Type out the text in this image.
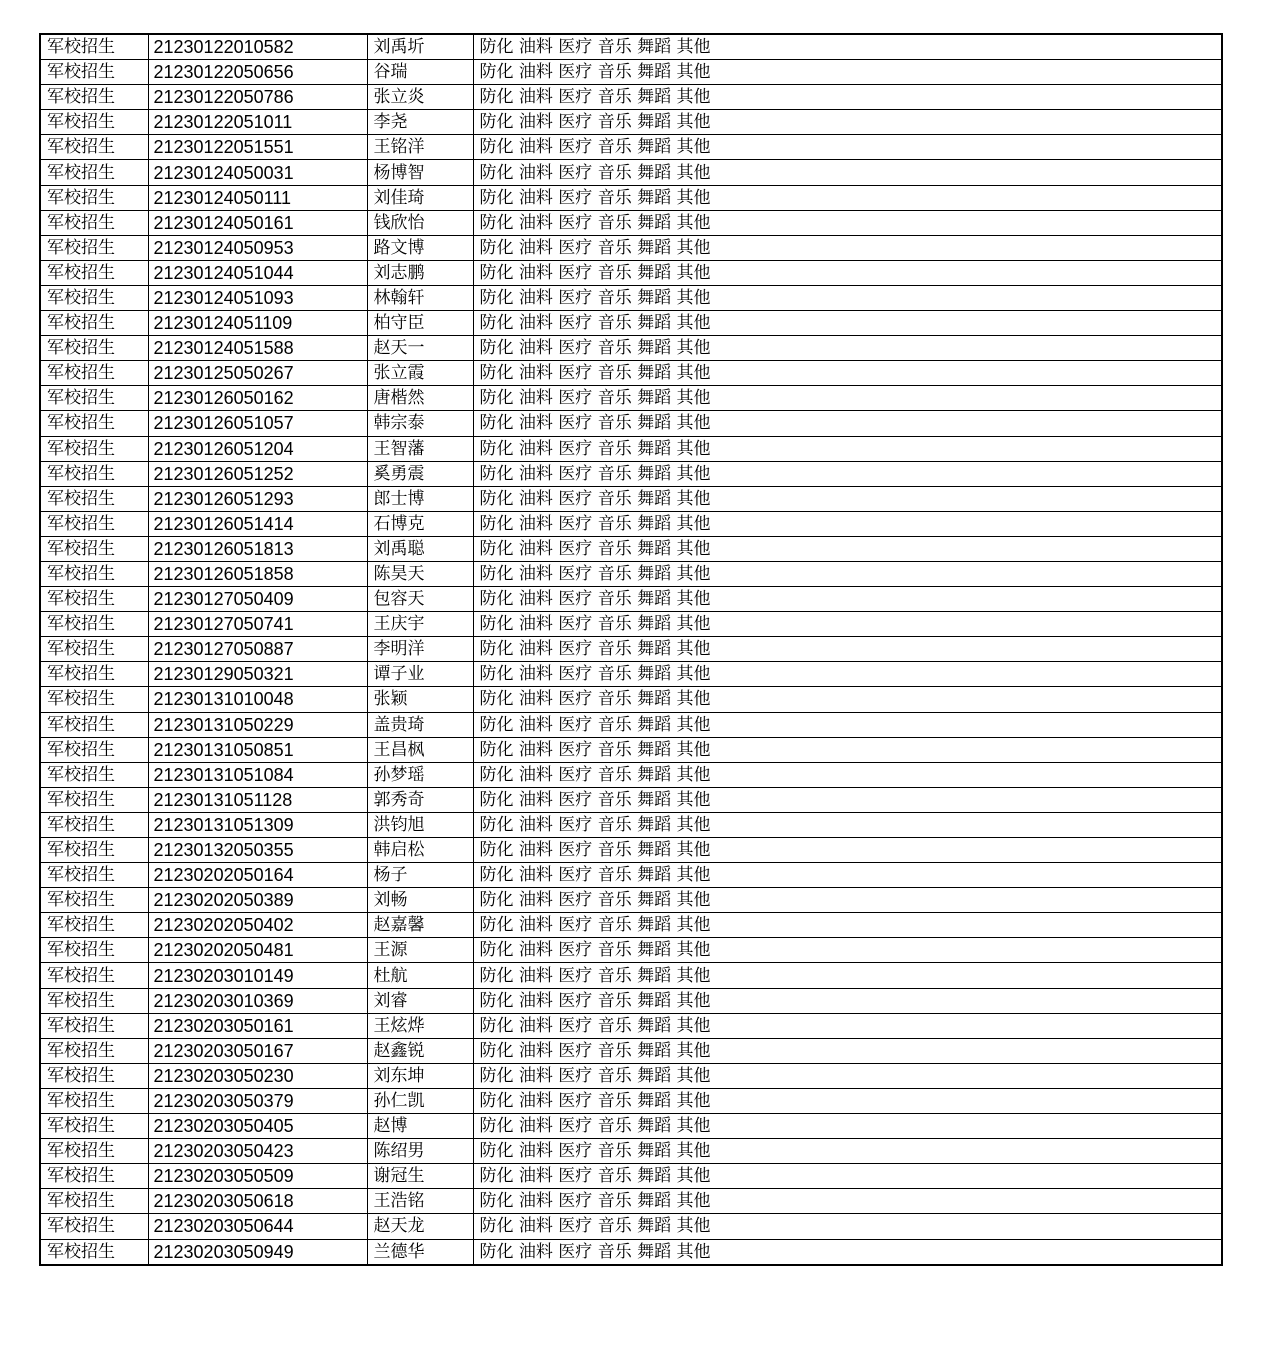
军校招生	21230122010582	刘禹圻	防化 油料 医疗 音乐 舞蹈 其他
军校招生	21230122050656	谷瑞	防化 油料 医疗 音乐 舞蹈 其他
军校招生	21230122050786	张立炎	防化 油料 医疗 音乐 舞蹈 其他
军校招生	21230122051011	李尧	防化 油料 医疗 音乐 舞蹈 其他
军校招生	21230122051551	王铭洋	防化 油料 医疗 音乐 舞蹈 其他
军校招生	21230124050031	杨博智	防化 油料 医疗 音乐 舞蹈 其他
军校招生	21230124050111	刘佳琦	防化 油料 医疗 音乐 舞蹈 其他
军校招生	21230124050161	钱欣怡	防化 油料 医疗 音乐 舞蹈 其他
军校招生	21230124050953	路文博	防化 油料 医疗 音乐 舞蹈 其他
军校招生	21230124051044	刘志鹏	防化 油料 医疗 音乐 舞蹈 其他
军校招生	21230124051093	林翰轩	防化 油料 医疗 音乐 舞蹈 其他
军校招生	21230124051109	柏守臣	防化 油料 医疗 音乐 舞蹈 其他
军校招生	21230124051588	赵天一	防化 油料 医疗 音乐 舞蹈 其他
军校招生	21230125050267	张立霞	防化 油料 医疗 音乐 舞蹈 其他
军校招生	21230126050162	唐楷然	防化 油料 医疗 音乐 舞蹈 其他
军校招生	21230126051057	韩宗泰	防化 油料 医疗 音乐 舞蹈 其他
军校招生	21230126051204	王智藩	防化 油料 医疗 音乐 舞蹈 其他
军校招生	21230126051252	奚勇震	防化 油料 医疗 音乐 舞蹈 其他
军校招生	21230126051293	郎士博	防化 油料 医疗 音乐 舞蹈 其他
军校招生	21230126051414	石博克	防化 油料 医疗 音乐 舞蹈 其他
军校招生	21230126051813	刘禹聪	防化 油料 医疗 音乐 舞蹈 其他
军校招生	21230126051858	陈昊天	防化 油料 医疗 音乐 舞蹈 其他
军校招生	21230127050409	包容天	防化 油料 医疗 音乐 舞蹈 其他
军校招生	21230127050741	王庆宇	防化 油料 医疗 音乐 舞蹈 其他
军校招生	21230127050887	李明洋	防化 油料 医疗 音乐 舞蹈 其他
军校招生	21230129050321	谭子业	防化 油料 医疗 音乐 舞蹈 其他
军校招生	21230131010048	张颖	防化 油料 医疗 音乐 舞蹈 其他
军校招生	21230131050229	盖贵琦	防化 油料 医疗 音乐 舞蹈 其他
军校招生	21230131050851	王昌枫	防化 油料 医疗 音乐 舞蹈 其他
军校招生	21230131051084	孙梦瑶	防化 油料 医疗 音乐 舞蹈 其他
军校招生	21230131051128	郭秀奇	防化 油料 医疗 音乐 舞蹈 其他
军校招生	21230131051309	洪钧旭	防化 油料 医疗 音乐 舞蹈 其他
军校招生	21230132050355	韩启松	防化 油料 医疗 音乐 舞蹈 其他
军校招生	21230202050164	杨子	防化 油料 医疗 音乐 舞蹈 其他
军校招生	21230202050389	刘畅	防化 油料 医疗 音乐 舞蹈 其他
军校招生	21230202050402	赵嘉馨	防化 油料 医疗 音乐 舞蹈 其他
军校招生	21230202050481	王源	防化 油料 医疗 音乐 舞蹈 其他
军校招生	21230203010149	杜航	防化 油料 医疗 音乐 舞蹈 其他
军校招生	21230203010369	刘睿	防化 油料 医疗 音乐 舞蹈 其他
军校招生	21230203050161	王炫烨	防化 油料 医疗 音乐 舞蹈 其他
军校招生	21230203050167	赵鑫锐	防化 油料 医疗 音乐 舞蹈 其他
军校招生	21230203050230	刘东坤	防化 油料 医疗 音乐 舞蹈 其他
军校招生	21230203050379	孙仁凯	防化 油料 医疗 音乐 舞蹈 其他
军校招生	21230203050405	赵博	防化 油料 医疗 音乐 舞蹈 其他
军校招生	21230203050423	陈绍男	防化 油料 医疗 音乐 舞蹈 其他
军校招生	21230203050509	谢冠生	防化 油料 医疗 音乐 舞蹈 其他
军校招生	21230203050618	王浩铭	防化 油料 医疗 音乐 舞蹈 其他
军校招生	21230203050644	赵天龙	防化 油料 医疗 音乐 舞蹈 其他
军校招生	21230203050949	兰德华	防化 油料 医疗 音乐 舞蹈 其他
